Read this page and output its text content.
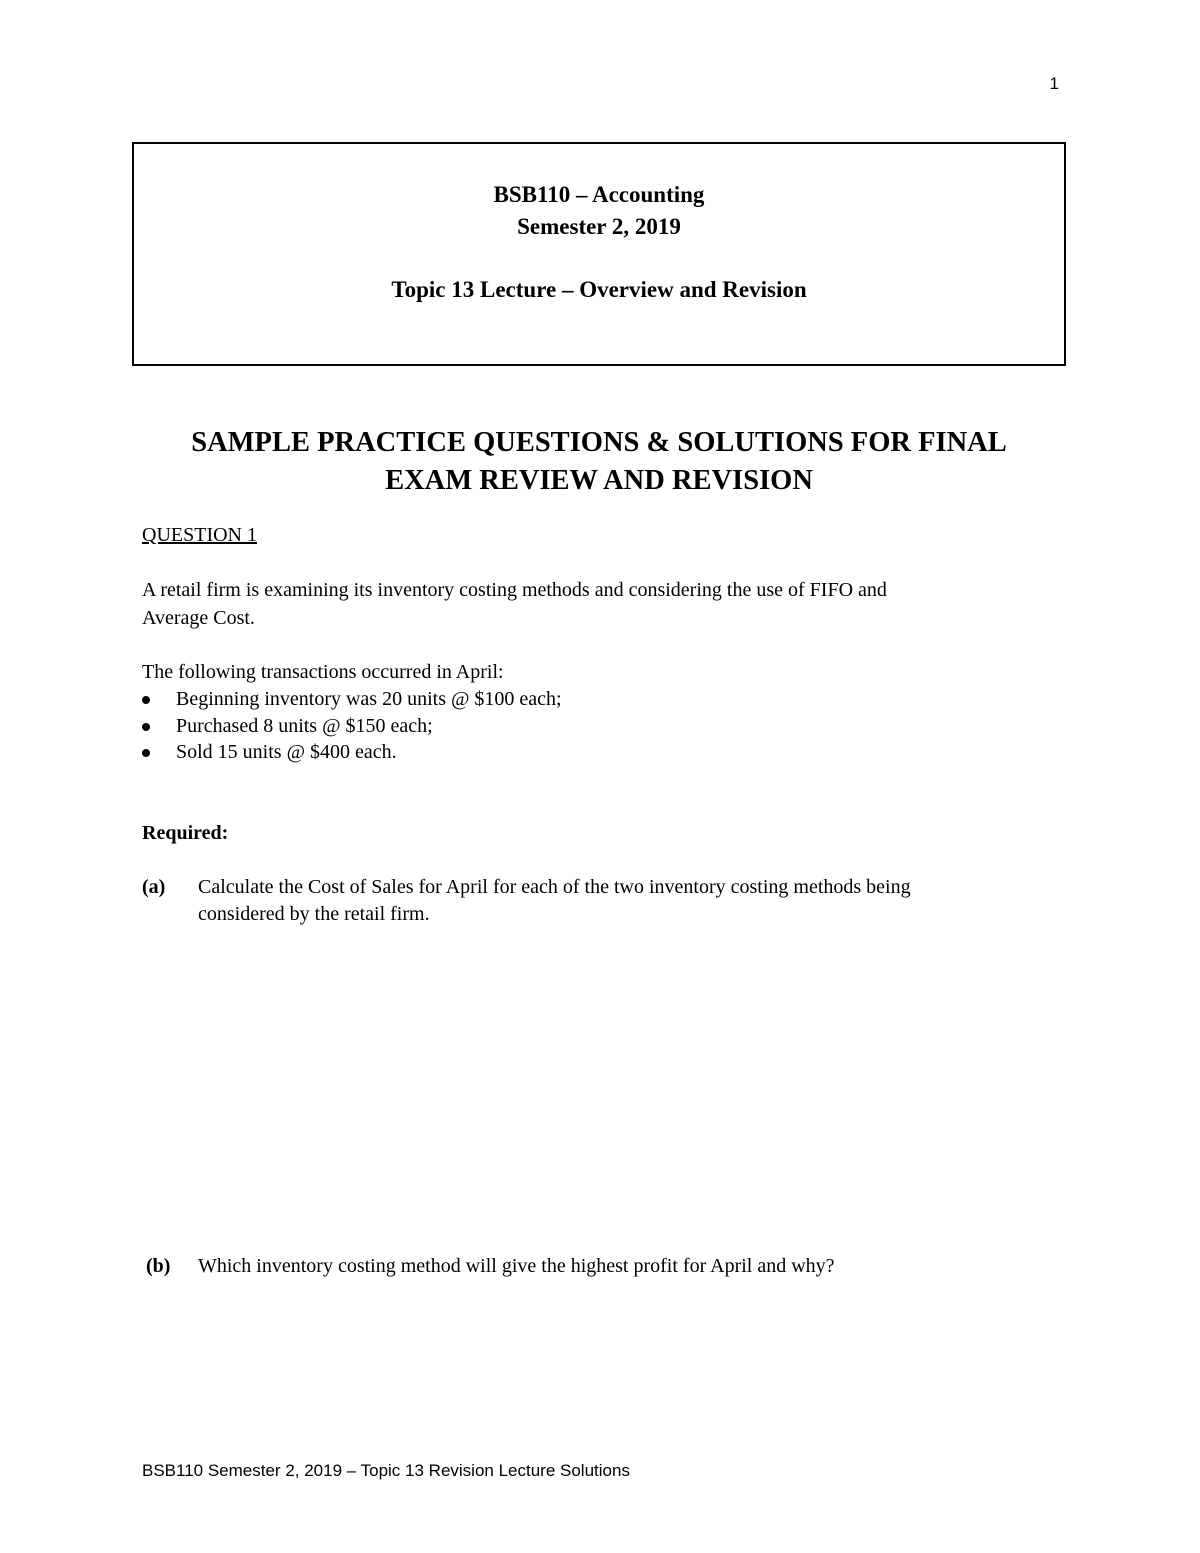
1
BSB110 – Accounting
Semester 2, 2019
Topic 13 Lecture – Overview and Revision
SAMPLE PRACTICE QUESTIONS & SOLUTIONS FOR FINAL
EXAM REVIEW AND REVISION
QUESTION 1
A retail firm is examining its inventory costing methods and considering the use of FIFO and
Average Cost.
The following transactions occurred in April:
Beginning inventory was 20 units @ $100 each;
Purchased 8 units @ $150 each;
Sold 15 units @ $400 each.
Required:
(a) Calculate the Cost of Sales for April for each of the two inventory costing methods being
considered by the retail firm.
(b) Which inventory costing method will give the highest profit for April and why?
BSB110 Semester 2, 2019 – Topic 13 Revision Lecture Solutions
